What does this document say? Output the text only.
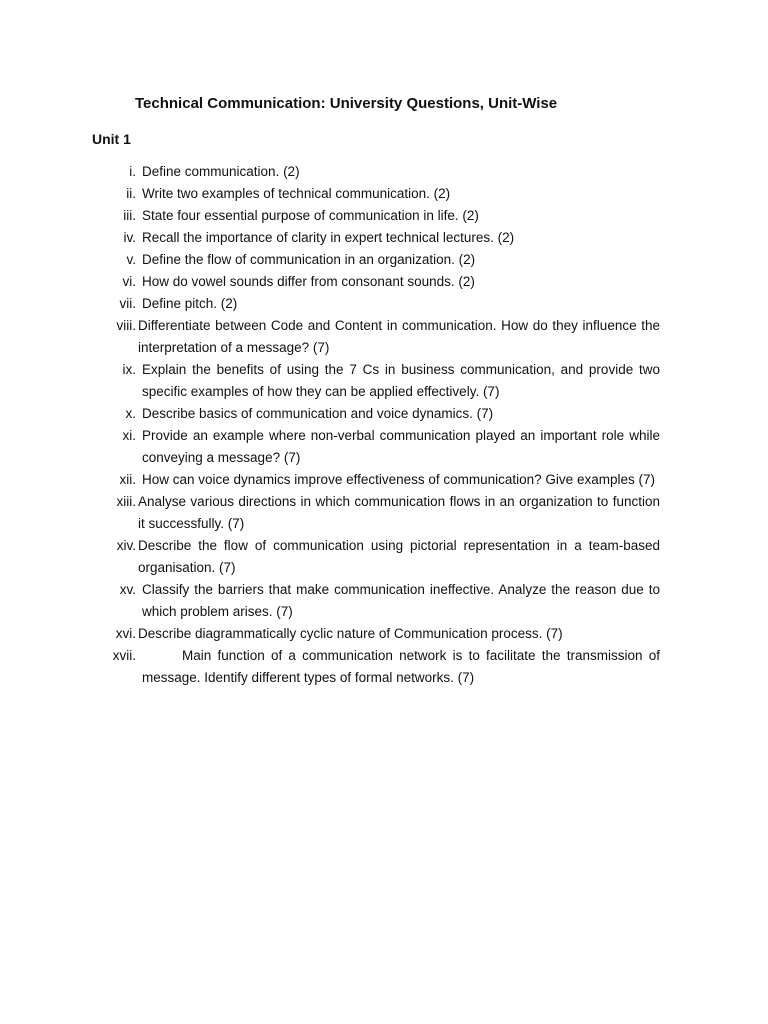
Technical Communication: University Questions, Unit-Wise
Unit 1
i. Define communication. (2)
ii. Write two examples of technical communication. (2)
iii. State four essential purpose of communication in life. (2)
iv. Recall the importance of clarity in expert technical lectures. (2)
v. Define the flow of communication in an organization. (2)
vi. How do vowel sounds differ from consonant sounds. (2)
vii. Define pitch. (2)
viii. Differentiate between Code and Content in communication. How do they influence the interpretation of a message? (7)
ix. Explain the benefits of using the 7 Cs in business communication, and provide two specific examples of how they can be applied effectively. (7)
x. Describe basics of communication and voice dynamics. (7)
xi. Provide an example where non-verbal communication played an important role while conveying a message? (7)
xii. How can voice dynamics improve effectiveness of communication? Give examples (7)
xiii. Analyse various directions in which communication flows in an organization to function it successfully. (7)
xiv. Describe the flow of communication using pictorial representation in a team-based organisation. (7)
xv. Classify the barriers that make communication ineffective. Analyze the reason due to which problem arises. (7)
xvi. Describe diagrammatically cyclic nature of Communication process. (7)
xvii.	Main function of a communication network is to facilitate the transmission of message. Identify different types of formal networks. (7)
